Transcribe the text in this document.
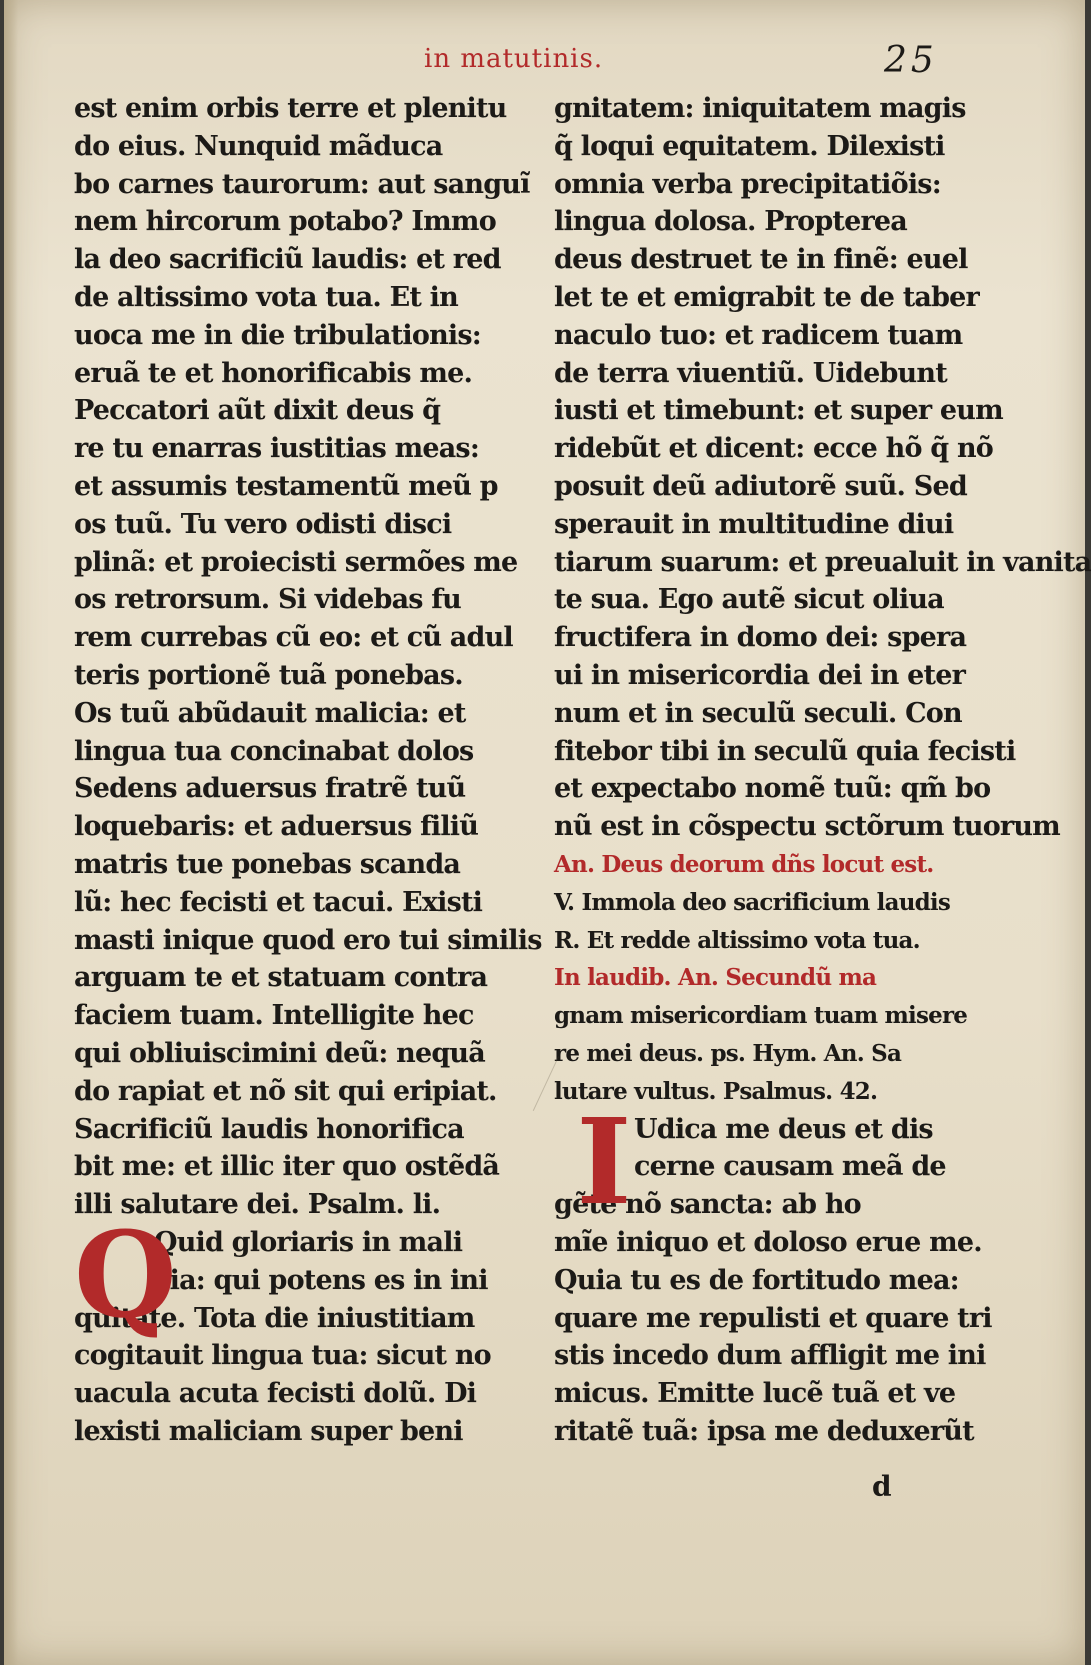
in matutinis.	25
est enim orbis terre et plenitu
do eius. Nunquid mãduca
bo carnes taurorum: aut sanguĩ
nem hircorum potabo? Immo
la deo sacrificiũ laudis: et red
de altissimo vota tua. Et in
uoca me in die tribulationis:
eruã te et honorificabis me.
Peccatori aũt dixit deus q̃
re tu enarras iustitias meas:
et assumis testamentũ meũ p
os tuũ. Tu vero odisti disci
plinã: et proiecisti sermões me
os retrorsum. Si videbas fu
rem currebas cũ eo: et cũ adul
teris portionẽ tuã ponebas.
Os tuũ abũdauit malicia: et
lingua tua concinabat dolos
Sedens aduersus fratrẽ tuũ
loquebaris: et aduersus filiũ
matris tue ponebas scanda
lũ: hec fecisti et tacui. Existi
masti inique quod ero tui similis
arguam te et statuam contra
faciem tuam. Intelligite hec
qui obliuiscimini deũ: nequã
do rapiat et nõ sit qui eripiat.
Sacrificiũ laudis honorifica
bit me: et illic iter quo ostẽdã
illi salutare dei. Psalm. li.
Quid gloriaris in mali
cia: qui potens es in ini
quitate. Tota die iniustitiam
cogitauit lingua tua: sicut no
uacula acuta fecisti dolũ. Di
lexisti maliciam super beni
Q
gnitatem: iniquitatem magis
q̃ loqui equitatem. Dilexisti
omnia verba precipitatiõis:
lingua dolosa. Propterea
deus destruet te in finẽ: euel
let te et emigrabit te de taber
naculo tuo: et radicem tuam
de terra viuentiũ. Uidebunt
iusti et timebunt: et super eum
ridebũt et dicent: ecce hõ q̃ nõ
posuit deũ adiutorẽ suũ. Sed
sperauit in multitudine diui
tiarum suarum: et preualuit in vanita
te sua. Ego autẽ sicut oliua
fructifera in domo dei: spera
ui in misericordia dei in eter
num et in seculũ seculi. Con
fitebor tibi in seculũ quia fecisti
et expectabo nomẽ tuũ: qm̃ bo
nũ est in cõspectu sctõrum tuorum
An. Deus deorum dñs locut est.
V. Immola deo sacrificium laudis
R. Et redde altissimo vota tua.
In laudib. An. Secundũ ma
gnam misericordiam tuam misere
re mei deus. ps. Hym. An. Sa
lutare vultus. Psalmus. 42.
Udica me deus et dis
cerne causam meã de
gẽte nõ sancta: ab ho
mĩe iniquo et doloso erue me.
Quia tu es de fortitudo mea:
quare me repulisti et quare tri
stis incedo dum affligit me ini
micus. Emitte lucẽ tuã et ve
ritatẽ tuã: ipsa me deduxerũt
I
d
